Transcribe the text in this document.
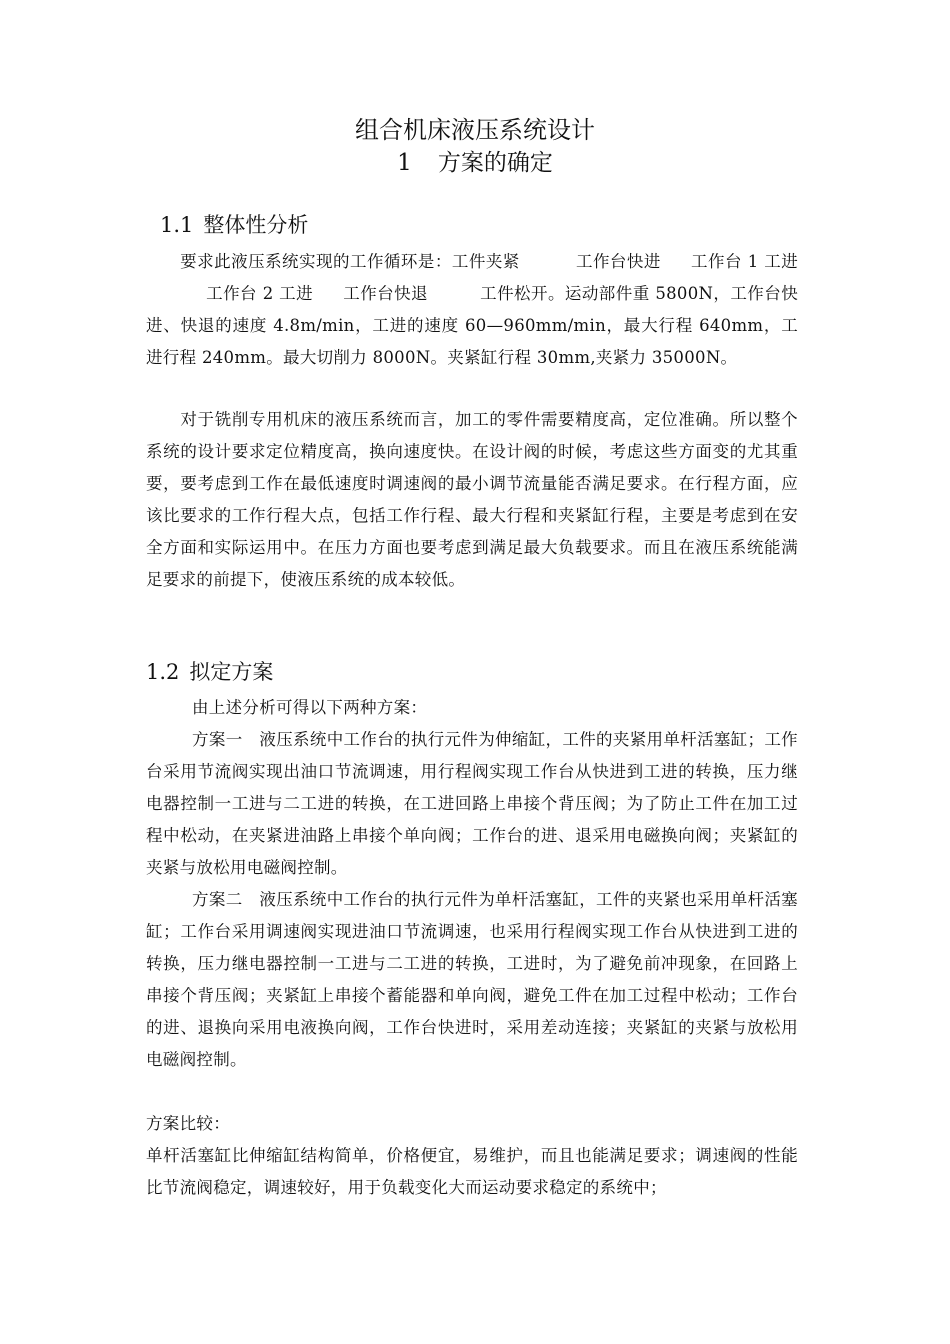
组合机床液压系统设计
1 方案的确定
1.1 整体性分析
要求此液压系统实现的工作循环是：工件夹紧	工作台快进 工作台 1 工进工作台 2 工进 工作台快退	工件松开。运动部件重 5800N，工作台快进、快退的速度 4.8m/min，工进的速度 60—960mm/min，最大行程 640mm，工进行程 240mm。最大切削力 8000N。夹紧缸行程 30mm,夹紧力 35000N。
对于铣削专用机床的液压系统而言，加工的零件需要精度高，定位准确。所以整个系统的设计要求定位精度高，换向速度快。在设计阀的时候，考虑这些方面变的尤其重要，要考虑到工作在最低速度时调速阀的最小调节流量能否满足要求。在行程方面，应该比要求的工作行程大点，包括工作行程、最大行程和夹紧缸行程，主要是考虑到在安全方面和实际运用中。在压力方面也要考虑到满足最大负载要求。而且在液压系统能满足要求的前提下，使液压系统的成本较低。
1.2 拟定方案
由上述分析可得以下两种方案：
方案一　液压系统中工作台的执行元件为伸缩缸，工件的夹紧用单杆活塞缸；工作台采用节流阀实现出油口节流调速，用行程阀实现工作台从快进到工进的转换，压力继电器控制一工进与二工进的转换，在工进回路上串接个背压阀；为了防止工件在加工过程中松动，在夹紧进油路上串接个单向阀；工作台的进、退采用电磁换向阀；夹紧缸的夹紧与放松用电磁阀控制。
方案二　液压系统中工作台的执行元件为单杆活塞缸，工件的夹紧也采用单杆活塞缸；工作台采用调速阀实现进油口节流调速，也采用行程阀实现工作台从快进到工进的转换，压力继电器控制一工进与二工进的转换，工进时，为了避免前冲现象，在回路上串接个背压阀；夹紧缸上串接个蓄能器和单向阀，避免工件在加工过程中松动；工作台的进、退换向采用电液换向阀，工作台快进时，采用差动连接；夹紧缸的夹紧与放松用电磁阀控制。
方案比较：
单杆活塞缸比伸缩缸结构简单，价格便宜，易维护，而且也能满足要求；调速阀的性能比节流阀稳定，调速较好，用于负载变化大而运动要求稳定的系统中；
